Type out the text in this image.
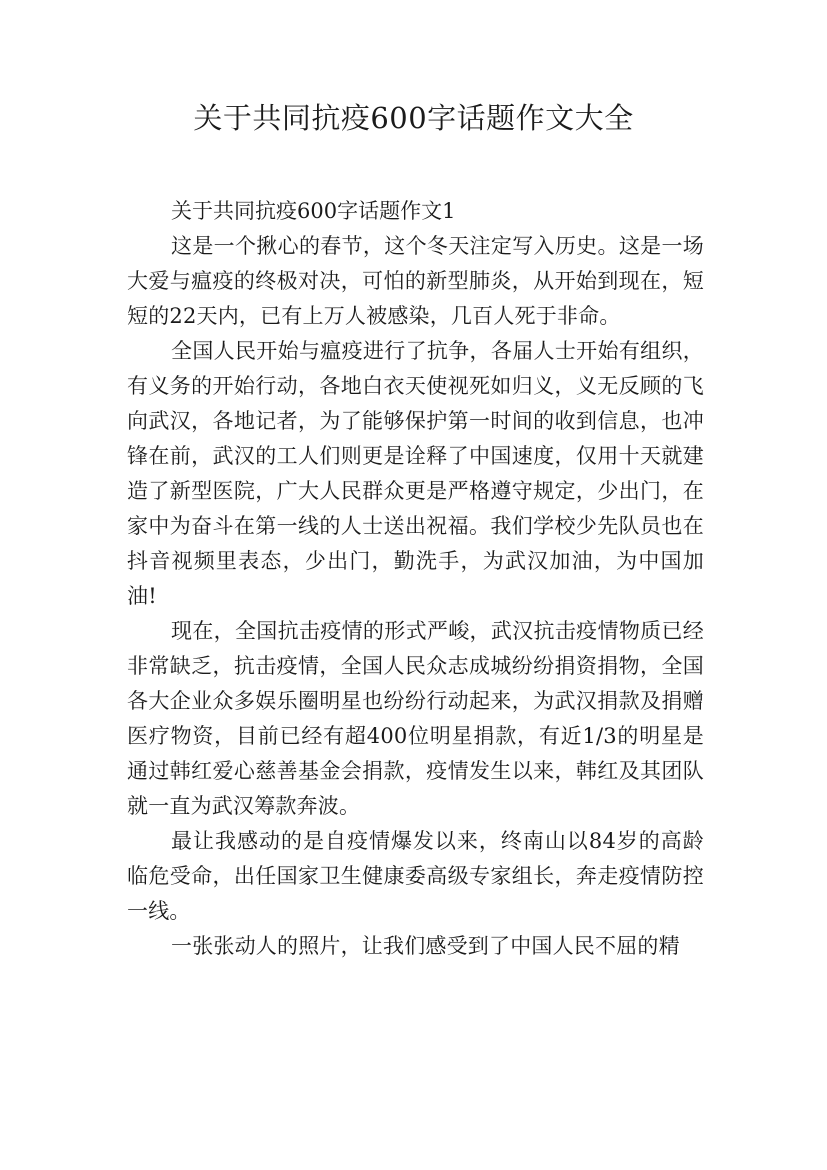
关于共同抗疫600字话题作文大全

关于共同抗疫600字话题作文1

这是一个揪心的春节，这个冬天注定写入历史。这是一场大爱与瘟疫的终极对决，可怕的新型肺炎，从开始到现在，短短的22天内，已有上万人被感染，几百人死于非命。

全国人民开始与瘟疫进行了抗争，各届人士开始有组织，有义务的开始行动，各地白衣天使视死如归义，义无反顾的飞向武汉，各地记者，为了能够保护第一时间的收到信息，也冲锋在前，武汉的工人们则更是诠释了中国速度，仅用十天就建造了新型医院，广大人民群众更是严格遵守规定，少出门，在家中为奋斗在第一线的人士送出祝福。我们学校少先队员也在抖音视频里表态，少出门，勤洗手，为武汉加油，为中国加油!

现在，全国抗击疫情的形式严峻，武汉抗击疫情物质已经非常缺乏，抗击疫情，全国人民众志成城纷纷捐资捐物，全国各大企业众多娱乐圈明星也纷纷行动起来，为武汉捐款及捐赠医疗物资，目前已经有超400位明星捐款，有近1/3的明星是通过韩红爱心慈善基金会捐款，疫情发生以来，韩红及其团队就一直为武汉筹款奔波。

最让我感动的是自疫情爆发以来，终南山以84岁的高龄临危受命，出任国家卫生健康委高级专家组长，奔走疫情防控一线。

一张张动人的照片，让我们感受到了中国人民不屈的精
